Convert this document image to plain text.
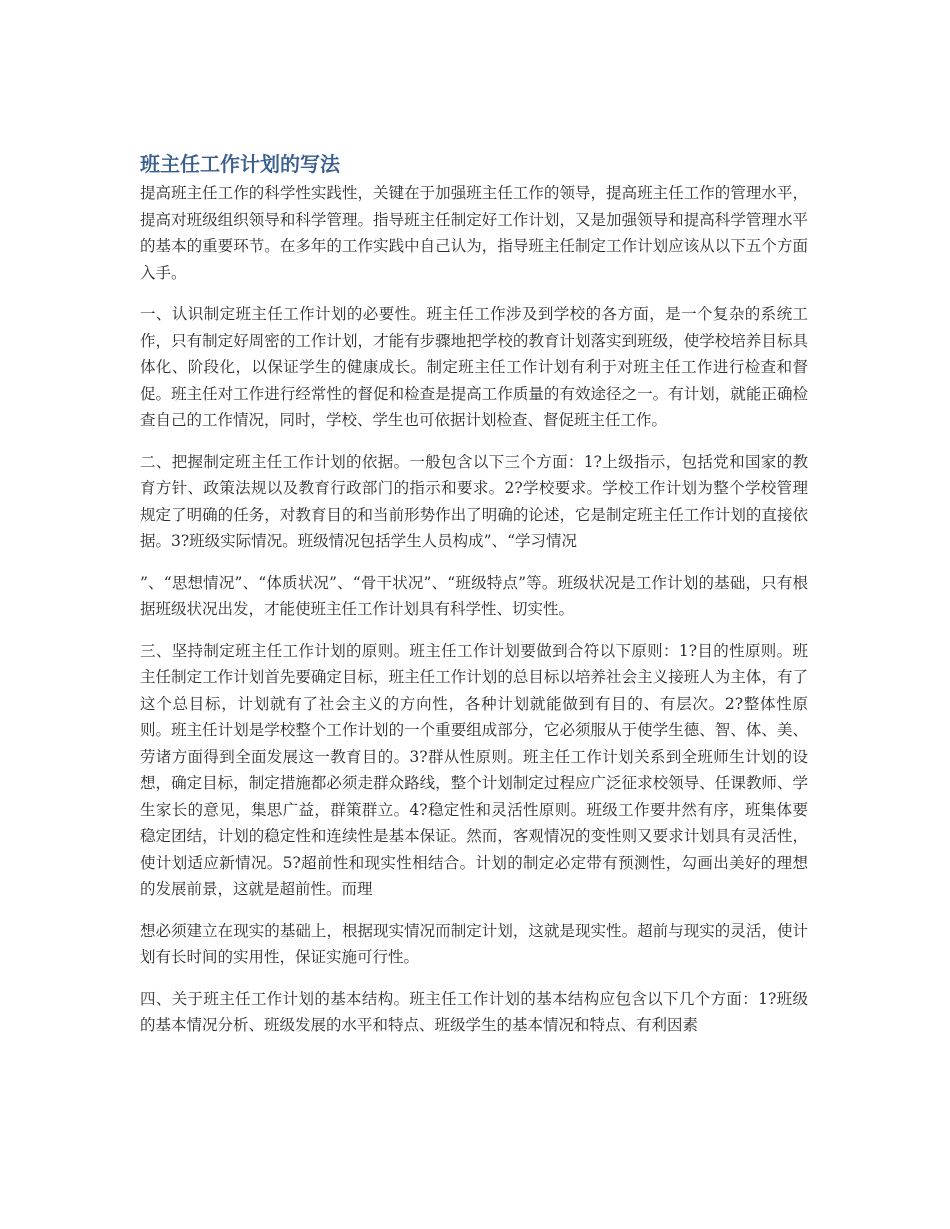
班主任工作计划的写法

提高班主任工作的科学性实践性，关键在于加强班主任工作的领导，提高班主任工作的管理水平，提高对班级组织领导和科学管理。指导班主任制定好工作计划，又是加强领导和提高科学管理水平的基本的重要环节。在多年的工作实践中自己认为，指导班主任制定工作计划应该从以下五个方面入手。

一、认识制定班主任工作计划的必要性。班主任工作涉及到学校的各方面，是一个复杂的系统工作，只有制定好周密的工作计划，才能有步骤地把学校的教育计划落实到班级，使学校培养目标具体化、阶段化，以保证学生的健康成长。制定班主任工作计划有利于对班主任工作进行检查和督促。班主任对工作进行经常性的督促和检查是提高工作质量的有效途径之一。有计划，就能正确检查自己的工作情况，同时，学校、学生也可依据计划检查、督促班主任工作。

二、把握制定班主任工作计划的依据。一般包含以下三个方面：1?上级指示，包括党和国家的教育方针、政策法规以及教育行政部门的指示和要求。2?学校要求。学校工作计划为整个学校管理规定了明确的任务，对教育目的和当前形势作出了明确的论述，它是制定班主任工作计划的直接依据。3?班级实际情况。班级情况包括学生人员构成”、“学习情况

”、“思想情况”、“体质状况”、“骨干状况”、“班级特点”等。班级状况是工作计划的基础，只有根据班级状况出发，才能使班主任工作计划具有科学性、切实性。

三、坚持制定班主任工作计划的原则。班主任工作计划要做到合符以下原则：1?目的性原则。班主任制定工作计划首先要确定目标，班主任工作计划的总目标以培养社会主义接班人为主体，有了这个总目标，计划就有了社会主义的方向性，各种计划就能做到有目的、有层次。2?整体性原则。班主任计划是学校整个工作计划的一个重要组成部分，它必须服从于使学生德、智、体、美、劳诸方面得到全面发展这一教育目的。3?群从性原则。班主任工作计划关系到全班师生计划的设想，确定目标，制定措施都必须走群众路线，整个计划制定过程应广泛征求校领导、任课教师、学生家长的意见，集思广益，群策群立。4?稳定性和灵活性原则。班级工作要井然有序，班集体要稳定团结，计划的稳定性和连续性是基本保证。然而，客观情况的变性则又要求计划具有灵活性，使计划适应新情况。5?超前性和现实性相结合。计划的制定必定带有预测性，勾画出美好的理想的发展前景，这就是超前性。而理

想必须建立在现实的基础上，根据现实情况而制定计划，这就是现实性。超前与现实的灵活，使计划有长时间的实用性，保证实施可行性。

四、关于班主任工作计划的基本结构。班主任工作计划的基本结构应包含以下几个方面：1?班级的基本情况分析、班级发展的水平和特点、班级学生的基本情况和特点、有利因素
